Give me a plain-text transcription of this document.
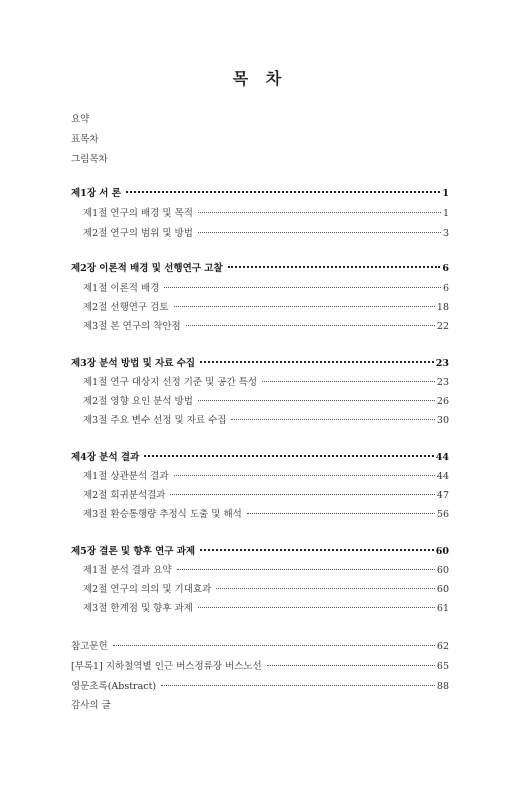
목 차
요약
표목차
그림목차
제1장 서 론	1
제1절 연구의 배경 및 목적	1
제2절 연구의 범위 및 방법	3
제2장 이론적 배경 및 선행연구 고찰	6
제1절 이론적 배경	6
제2절 선행연구 검토	18
제3절 본 연구의 착안점	22
제3장 분석 방법 및 자료 수집	23
제1절 연구 대상지 선정 기준 및 공간 특성	23
제2절 영향 요인 분석 방법	26
제3절 주요 변수 선정 및 자료 수집	30
제4장 분석 결과	44
제1절 상관분석 결과	44
제2절 회귀분석결과	47
제3절 환승통행량 추정식 도출 및 해석	56
제5장 결론 및 향후 연구 과제	60
제1절 분석 결과 요약	60
제2절 연구의 의의 및 기대효과	60
제3절 한계점 및 향후 과제	61
참고문헌	62
[부록1] 지하철역별 인근 버스정류장 버스노선	65
영문초록(Abstract)	88
감사의 글
